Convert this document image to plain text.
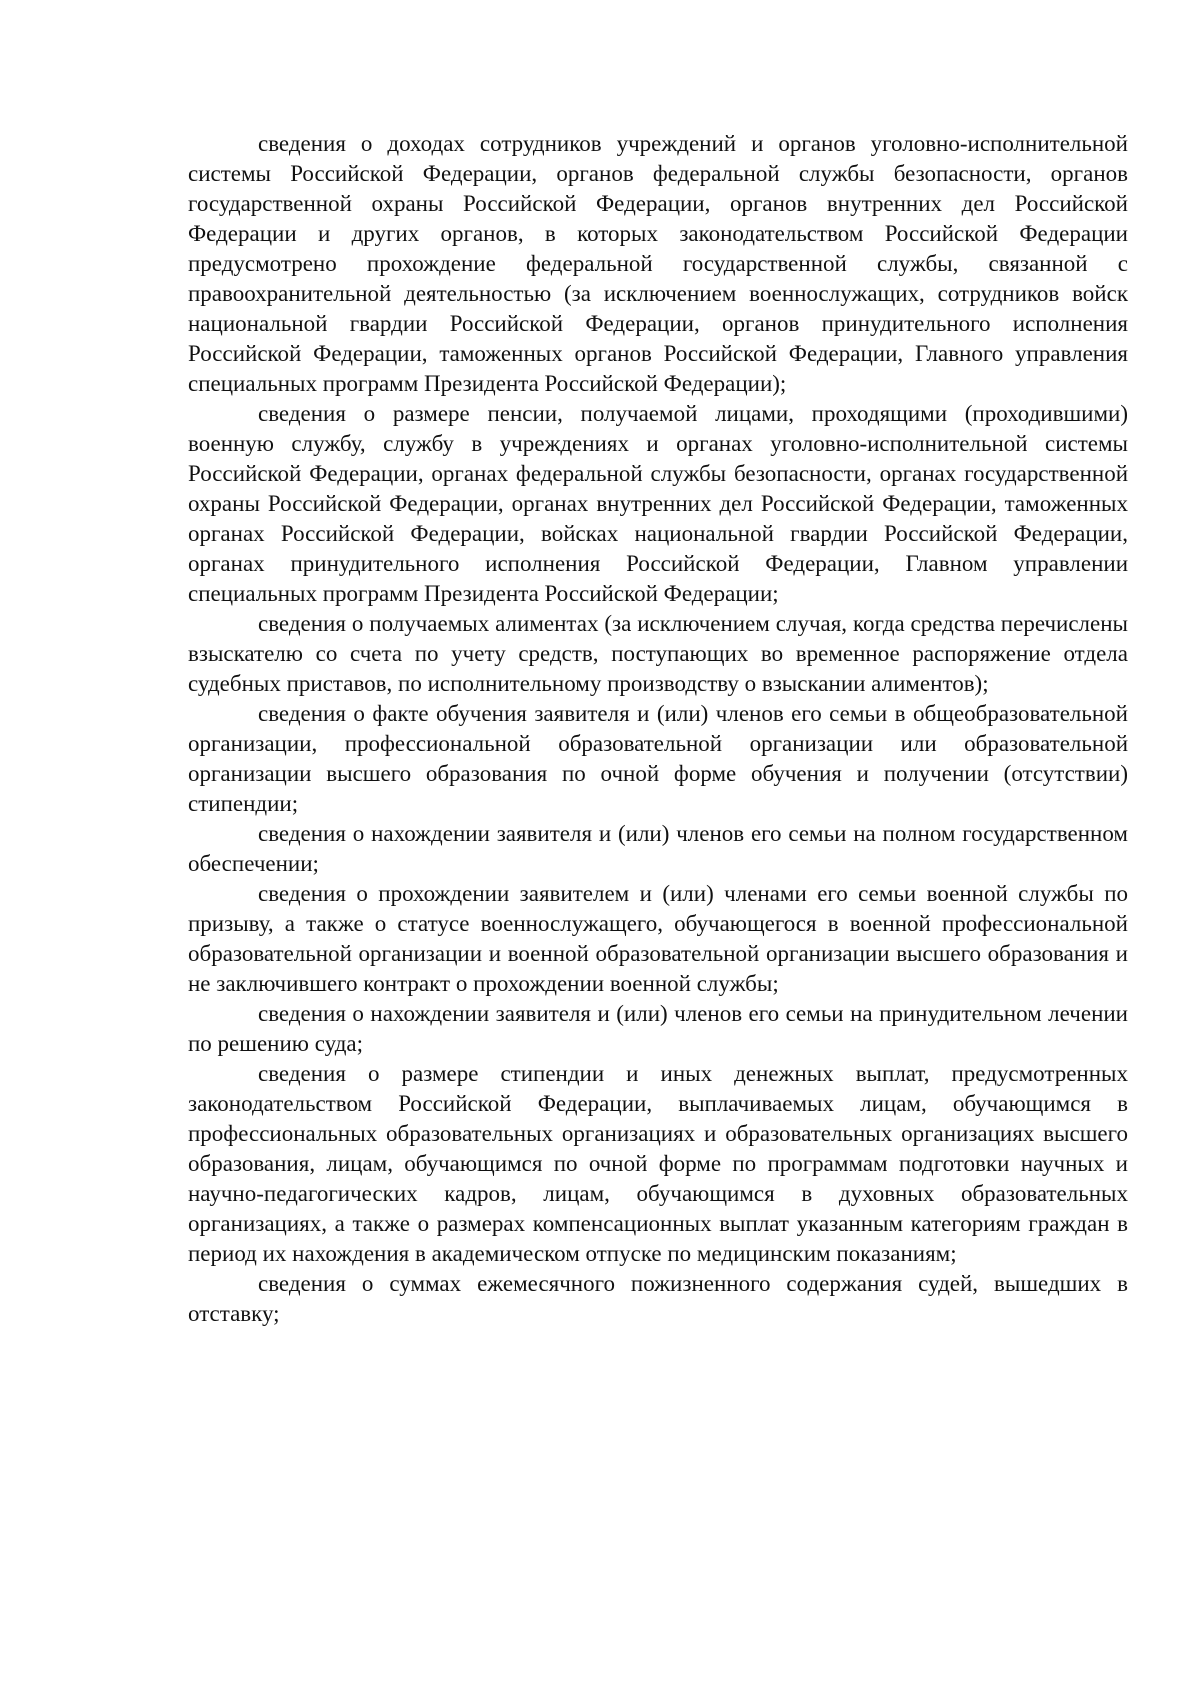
сведения о доходах сотрудников учреждений и органов уголовно-исполнительной системы Российской Федерации, органов федеральной службы безопасности, органов государственной охраны Российской Федерации, органов внутренних дел Российской Федерации и других органов, в которых законодательством Российской Федерации предусмотрено прохождение федеральной государственной службы, связанной с правоохранительной деятельностью (за исключением военнослужащих, сотрудников войск национальной гвардии Российской Федерации, органов принудительного исполнения Российской Федерации, таможенных органов Российской Федерации, Главного управления специальных программ Президента Российской Федерации);

сведения о размере пенсии, получаемой лицами, проходящими (проходившими) военную службу, службу в учреждениях и органах уголовно-исполнительной системы Российской Федерации, органах федеральной службы безопасности, органах государственной охраны Российской Федерации, органах внутренних дел Российской Федерации, таможенных органах Российской Федерации, войсках национальной гвардии Российской Федерации, органах принудительного исполнения Российской Федерации, Главном управлении специальных программ Президента Российской Федерации;

сведения о получаемых алиментах (за исключением случая, когда средства перечислены взыскателю со счета по учету средств, поступающих во временное распоряжение отдела судебных приставов, по исполнительному производству о взыскании алиментов);

сведения о факте обучения заявителя и (или) членов его семьи в общеобразовательной организации, профессиональной образовательной организации или образовательной организации высшего образования по очной форме обучения и получении (отсутствии) стипендии;

сведения о нахождении заявителя и (или) членов его семьи на полном государственном обеспечении;

сведения о прохождении заявителем и (или) членами его семьи военной службы по призыву, а также о статусе военнослужащего, обучающегося в военной профессиональной образовательной организации и военной образовательной организации высшего образования и не заключившего контракт о прохождении военной службы;

сведения о нахождении заявителя и (или) членов его семьи на принудительном лечении по решению суда;

сведения о размере стипендии и иных денежных выплат, предусмотренных законодательством Российской Федерации, выплачиваемых лицам, обучающимся в профессиональных образовательных организациях и образовательных организациях высшего образования, лицам, обучающимся по очной форме по программам подготовки научных и научно-педагогических кадров, лицам, обучающимся в духовных образовательных организациях, а также о размерах компенсационных выплат указанным категориям граждан в период их нахождения в академическом отпуске по медицинским показаниям;

сведения о суммах ежемесячного пожизненного содержания судей, вышедших в отставку;
